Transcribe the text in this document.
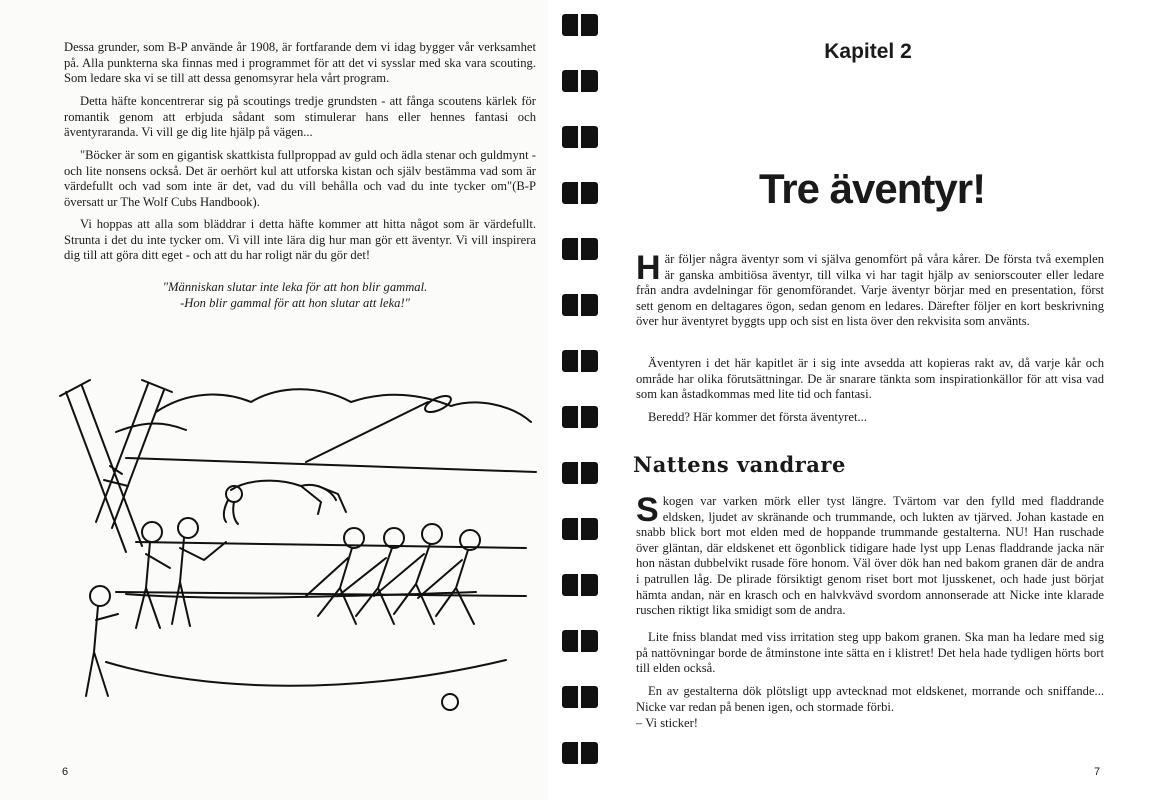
Dessa grunder, som B-P använde år 1908, är fortfarande dem vi idag bygger vår verksamhet på. Alla punkterna ska finnas med i programmet för att det vi sysslar med ska vara scouting. Som ledare ska vi se till att dessa genomsyrar hela vårt program.

Detta häfte koncentrerar sig på scoutings tredje grundsten - att fånga scoutens kärlek för romantik genom att erbjuda sådant som stimulerar hans eller hennes fantasi och äventyraranda. Vi vill ge dig lite hjälp på vägen...

"Böcker är som en gigantisk skattkista fullproppad av guld och ädla stenar och guldmynt - och lite nonsens också. Det är oerhört kul att utforska kistan och själv bestämma vad som är värdefullt och vad som inte är det, vad du vill behålla och vad du inte tycker om"(B-P översatt ur The Wolf Cubs Handbook).

Vi hoppas att alla som bläddrar i detta häfte kommer att hitta något som är värdefullt. Strunta i det du inte tycker om. Vi vill inte lära dig hur man gör ett äventyr. Vi vill inspirera dig till att göra ditt eget - och att du har roligt när du gör det!

"Människan slutar inte leka för att hon blir gammal.
-Hon blir gammal för att hon slutar att leka!"
6
Kapitel 2
Tre äventyr!
Här följer några äventyr som vi själva genomfört på våra kårer. De första två exemplen är ganska ambitiösa äventyr, till vilka vi har tagit hjälp av seniorscouter eller ledare från andra avdelningar för genomförandet. Varje äventyr börjar med en presentation, först sett genom en deltagares ögon, sedan genom en ledares. Därefter följer en kort beskrivning över hur äventyret byggts upp och sist en lista över den rekvisita som använts.

Äventyren i det här kapitlet är i sig inte avsedda att kopieras rakt av, då varje kår och område har olika förutsättningar. De är snarare tänkta som inspirationkällor för att visa vad som kan åstadkommas med lite tid och fantasi.

Beredd? Här kommer det första äventyret...

Nattens vandrare
Skogen var varken mörk eller tyst längre. Tvärtom var den fylld med fladdrande eldsken, ljudet av skränande och trummande, och lukten av tjärved. Johan kastade en snabb blick bort mot elden med de hoppande trummande gestalterna. NU! Han ruschade över gläntan, där eldskenet ett ögonblick tidigare hade lyst upp Lenas fladdrande jacka när hon nästan dubbelvikt rusade före honom. Väl över dök han ned bakom granen där de andra i patrullen låg. De plirade försiktigt genom riset bort mot ljusskenet, och hade just börjat hämta andan, när en krasch och en halvkvävd svordom annonserade att Nicke inte klarade ruschen riktigt lika smidigt som de andra.

Lite fniss blandat med viss irritation steg upp bakom granen. Ska man ha ledare med sig på nattövningar borde de åtminstone inte sätta en i klistret! Det hela hade tydligen hörts bort till elden också.

En av gestalterna dök plötsligt upp avtecknad mot eldskenet, morrande och sniffande... Nicke var redan på benen igen, och stormade förbi.

– Vi sticker!
7
